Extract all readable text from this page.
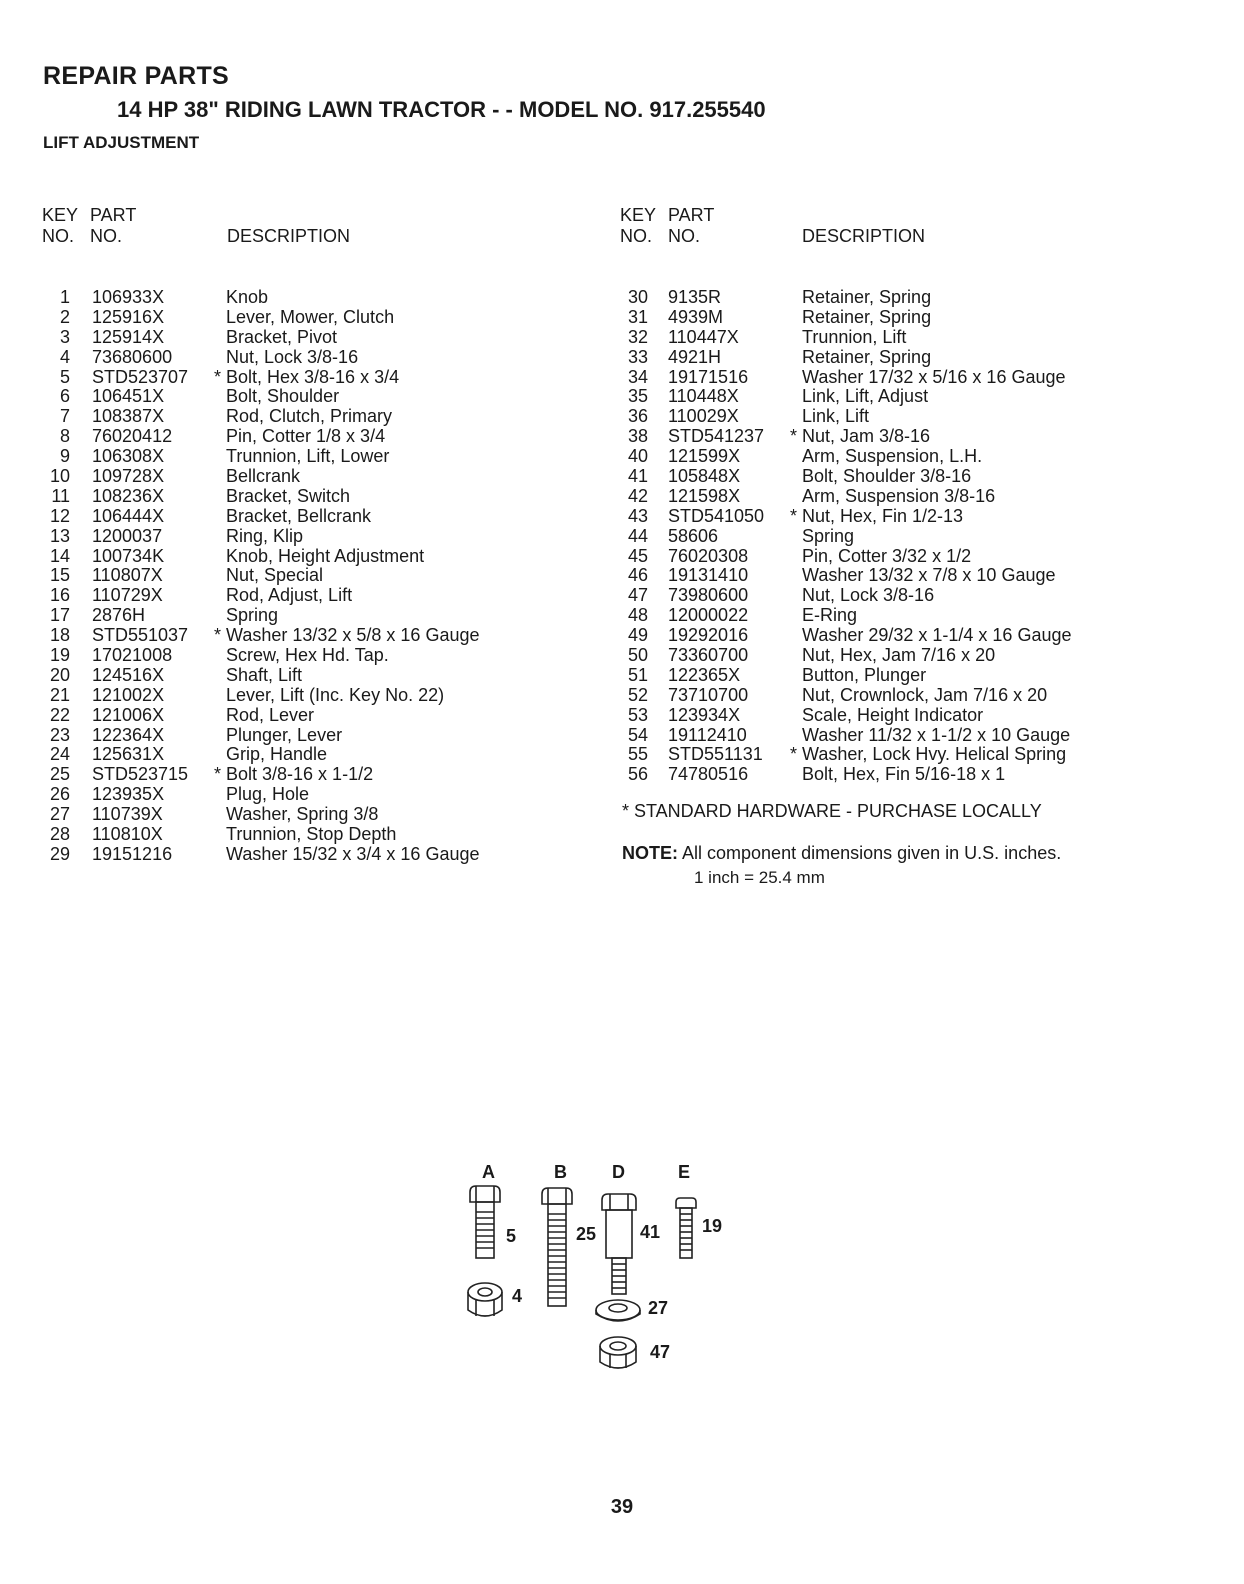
REPAIR PARTS
14 HP 38" RIDING LAWN TRACTOR - - MODEL NO. 917.255540
LIFT ADJUSTMENT
KEY
NO.
PART
NO.	DESCRIPTION
1 106933X	Knob
2 125916X	Lever, Mower, Clutch
3 125914X	Bracket, Pivot
4 73680600	Nut, Lock 3/8-16
5 STD523707 * Bolt, Hex 3/8-16 x 3/4
6 106451X	Bolt, Shoulder
7 108387X	Rod, Clutch, Primary
8 76020412	Pin, Cotter 1/8 x 3/4
9 106308X	Trunnion, Lift, Lower
10 109728X	Bellcrank
11 108236X	Bracket, Switch
12 106444X	Bracket, Bellcrank
13 1200037	Ring, Klip
14 100734K	Knob, Height Adjustment
15 110807X	Nut, Special
16 110729X	Rod, Adjust, Lift
17 2876H	Spring
18 STD551037 * Washer 13/32 x 5/8 x 16 Gauge
19 17021008	Screw, Hex Hd. Tap.
20 124516X	Shaft, Lift
21 121002X	Lever, Lift (Inc. Key No. 22)
22 121006X	Rod, Lever
23 122364X	Plunger, Lever
24 125631X	Grip, Handle
25 STD523715 * Bolt 3/8-16 x 1-1/2
26 123935X	Plug, Hole
27 110739X	Washer, Spring 3/8
28 110810X	Trunnion, Stop Depth
29 19151216	Washer 15/32 x 3/4 x 16 Gauge
KEY
NO.
PART
NO.	DESCRIPTION
30 9135R	Retainer, Spring
31 4939M	Retainer, Spring
32 110447X	Trunnion, Lift
33 4921H	Retainer, Spring
34 19171516	Washer 17/32 x 5/16 x 16 Gauge
35 110448X	Link, Lift, Adjust
36 110029X	Link, Lift
38 STD541237 * Nut, Jam 3/8-16
40 121599X	Arm, Suspension, L.H.
41 105848X	Bolt, Shoulder 3/8-16
42 121598X	Arm, Suspension 3/8-16
43 STD541050 * Nut, Hex, Fin 1/2-13
44 58606	Spring
45 76020308	Pin, Cotter 3/32 x 1/2
46 19131410	Washer 13/32 x 7/8 x 10 Gauge
47 73980600	Nut, Lock 3/8-16
48 12000022	E-Ring
49 19292016	Washer 29/32 x 1-1/4 x 16 Gauge
50 73360700	Nut, Hex, Jam 7/16 x 20
51 122365X	Button, Plunger
52 73710700	Nut, Crownlock, Jam 7/16 x 20
53 123934X	Scale, Height Indicator
54 19112410	Washer 11/32 x 1-1/2 x 10 Gauge
55 STD551131 * Washer, Lock Hvy. Helical Spring
56 74780516	Bolt, Hex, Fin 5/16-18 x 1
* STANDARD HARDWARE - PURCHASE LOCALLY
NOTE: All component dimensions given in U.S. inches.
1 inch = 25.4 mm
A	B	D	E
5	25 41 19
4
27
47
39
